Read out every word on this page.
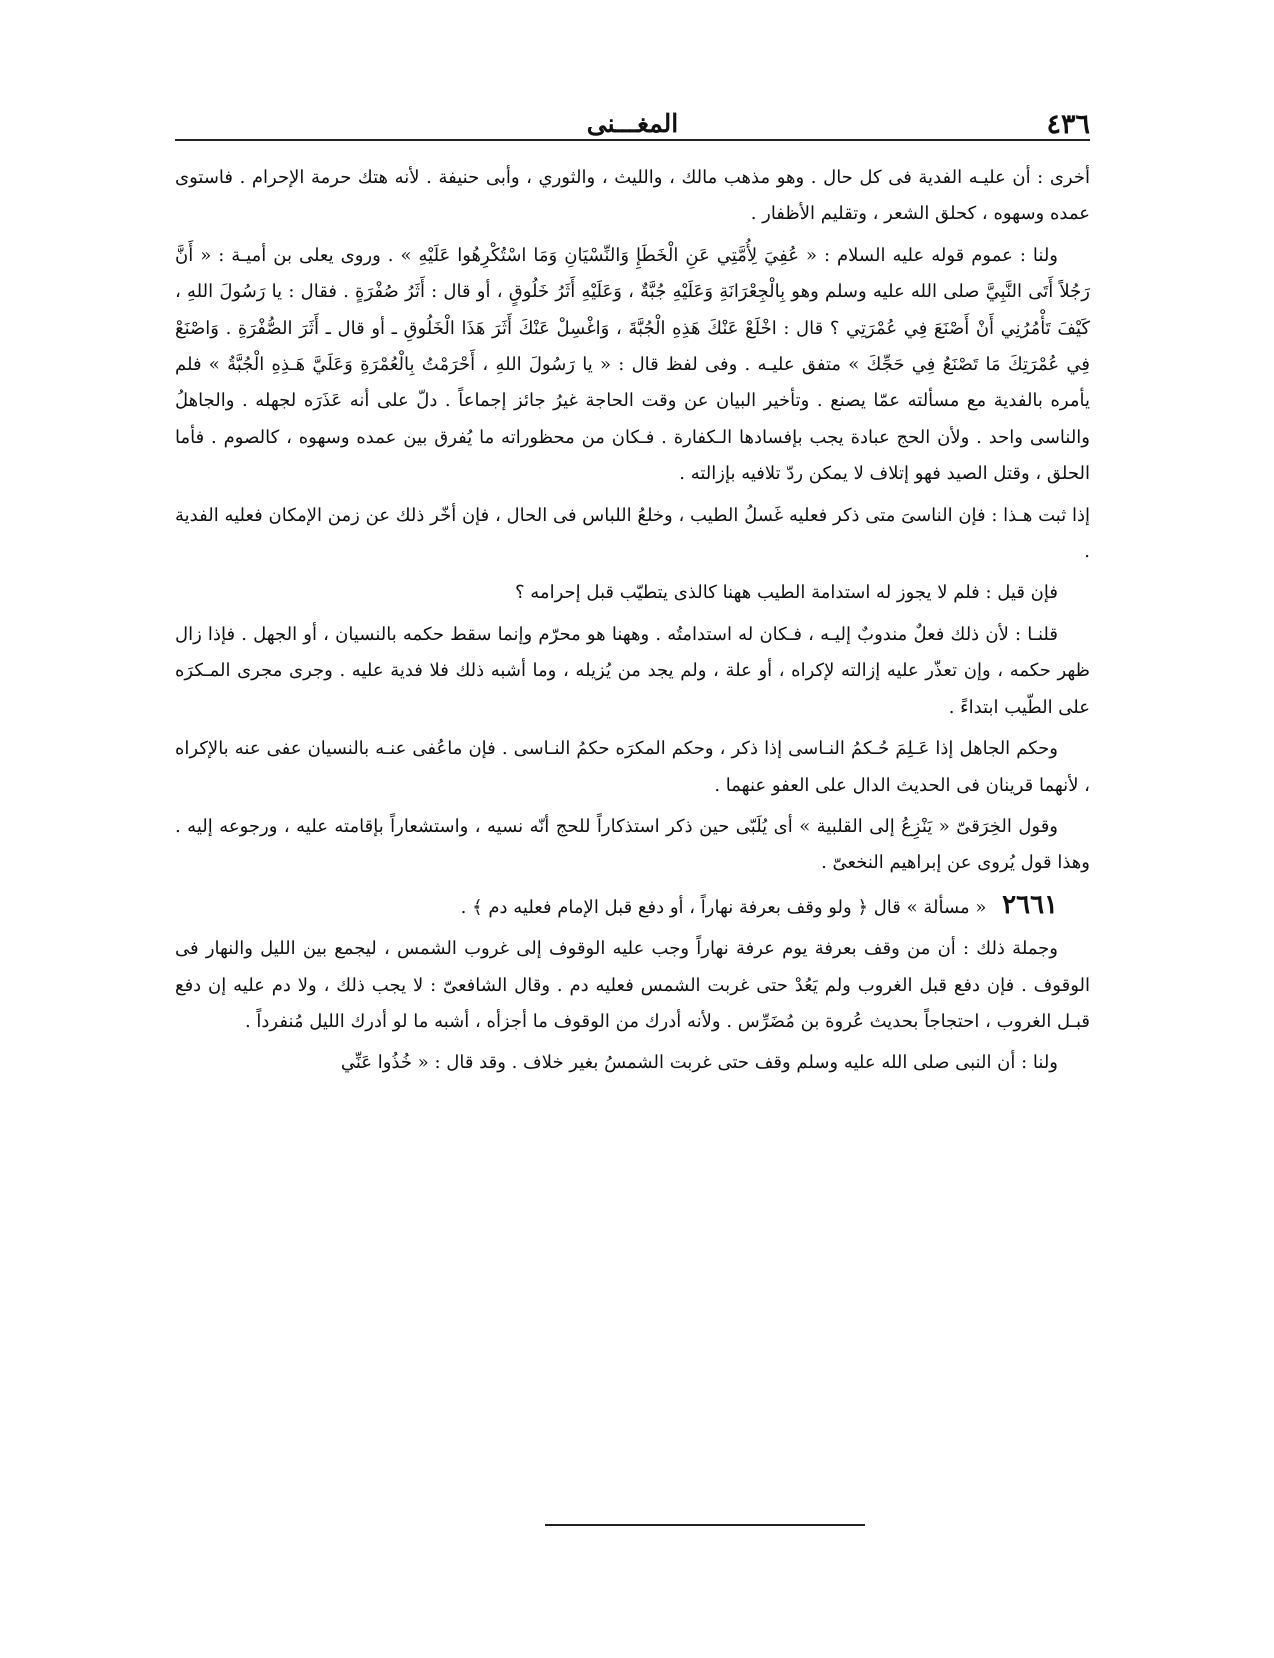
٤٣٦
المغـــنى

أخرى : أن عليـه الفدية فى كل حال . وهو مذهب مالك ، والليث ، والثوري ، وأبى حنيفة . لأنه هتك حرمة الإحرام . فاستوى عمده وسهوه ، كحلق الشعر ، وتقليم الأظفار .

ولنا : عموم قوله عليه السلام : « عُفِيَ لِأُمَّتِي عَنِ الْخَطَإِ وَالنِّسْيَانِ وَمَا اسْتُكْرِهُوا عَلَيْهِ » . وروى يعلى بن أميـة : « أَنَّ رَجُلاً أَتَى النَّبِيَّ صلى الله عليه وسلم وهو بِالْجِعْرَانَةِ وَعَلَيْهِ جُبَّةٌ ، وَعَلَيْهِ أَثَرُ خَلُوقٍ ، أو قال : أَثَرُ صُفْرَةٍ . فقال : يا رَسُولَ اللهِ ، كَيْفَ تَأْمُرُنِي أَنْ أَصْنَعَ فِي عُمْرَتِي ؟ قال : اخْلَعْ عَنْكَ هَذِهِ الْجُبَّةَ ، وَاغْسِلْ عَنْكَ أَثَرَ هَذَا الْخَلُوقِ ـ أو قال ـ أَثَرَ الصُّفْرَةِ . وَاصْنَعْ فِي عُمْرَتِكَ مَا تَصْنَعُ فِي حَجِّكَ » متفق عليـه . وفى لفظ قال : « يا رَسُولَ اللهِ ، أَحْرَمْتُ بِالْعُمْرَةِ وَعَلَيَّ هَـذِهِ الْجُبَّةُ » فلم يأمره بالفدية مع مسألته عمّا يصنع . وتأخير البيان عن وقت الحاجة غيرُ جائز إجماعاً . دلّ على أنه عَذَرَه لجهله . والجاهلُ والناسى واحد . ولأن الحج عبادة يجب بإفسادها الـكفارة . فـكان من محظوراته ما يُفرق بين عمده وسهوه ، كالصوم . فأما الحلق ، وقتل الصيد فهو إتلاف لا يمكن ردّ تلافيه بإزالته .

إذا ثبت هـذا : فإن الناسىَ متى ذكر فعليه غَسلُ الطيب ، وخلعُ اللباس فى الحال ، فإن أخّر ذلك عن زمن الإمكان فعليه الفدية .

فإن قيل : فلم لا يجوز له استدامة الطيب ههنا كالذى يتطيّب قبل إحرامه ؟

قلنـا : لأن ذلك فعلٌ مندوبٌ إليـه ، فـكان له استدامتُه . وههنا هو محرّم وإنما سقط حكمه بالنسيان ، أو الجهل . فإذا زال ظهر حكمه ، وإن تعذّر عليه إزالته لإكراه ، أو علة ، ولم يجد من يُزيله ، وما أشبه ذلك فلا فدية عليه . وجرى مجرى المـكرَه على الطّيب ابتداءً .

وحكم الجاهل إذا عَـلِمَ حُـكمُ النـاسى إذا ذكر ، وحكم المكرَه حكمُ النـاسى . فإن ماعُفى عنـه بالنسيان عفى عنه بالإكراه ، لأنهما قرينان فى الحديث الدال على العفو عنهما .

وقول الخِرَقىّ « يَنْزِعُ إلى القلبية » أى يُلَبّى حين ذكر استذكاراً للحج أنّه نسيه ، واستشعاراً بإقامته عليه ، ورجوعه إليه . وهذا قول يُروى عن إبراهيم النخعىّ .

٢٦٦١ « مسألة » قال ﴿ ولو وقف بعرفة نهاراً ، أو دفع قبل الإمام فعليه دم ﴾ .

وجملة ذلك : أن من وقف بعرفة يوم عرفة نهاراً وجب عليه الوقوف إلى غروب الشمس ، ليجمع بين الليل والنهار فى الوقوف . فإن دفع قبل الغروب ولم يَعُدْ حتى غربت الشمس فعليه دم . وقال الشافعىّ : لا يجب ذلك ، ولا دم عليه إن دفع قبـل الغروب ، احتجاجاً بحديث عُروة بن مُضَرِّس . ولأنه أدرك من الوقوف ما أجزأه ، أشبه ما لو أدرك الليل مُنفرداً .

ولنا : أن النبى صلى الله عليه وسلم وقف حتى غربت الشمسُ بغير خلاف . وقد قال : « خُذُوا عَنِّي
